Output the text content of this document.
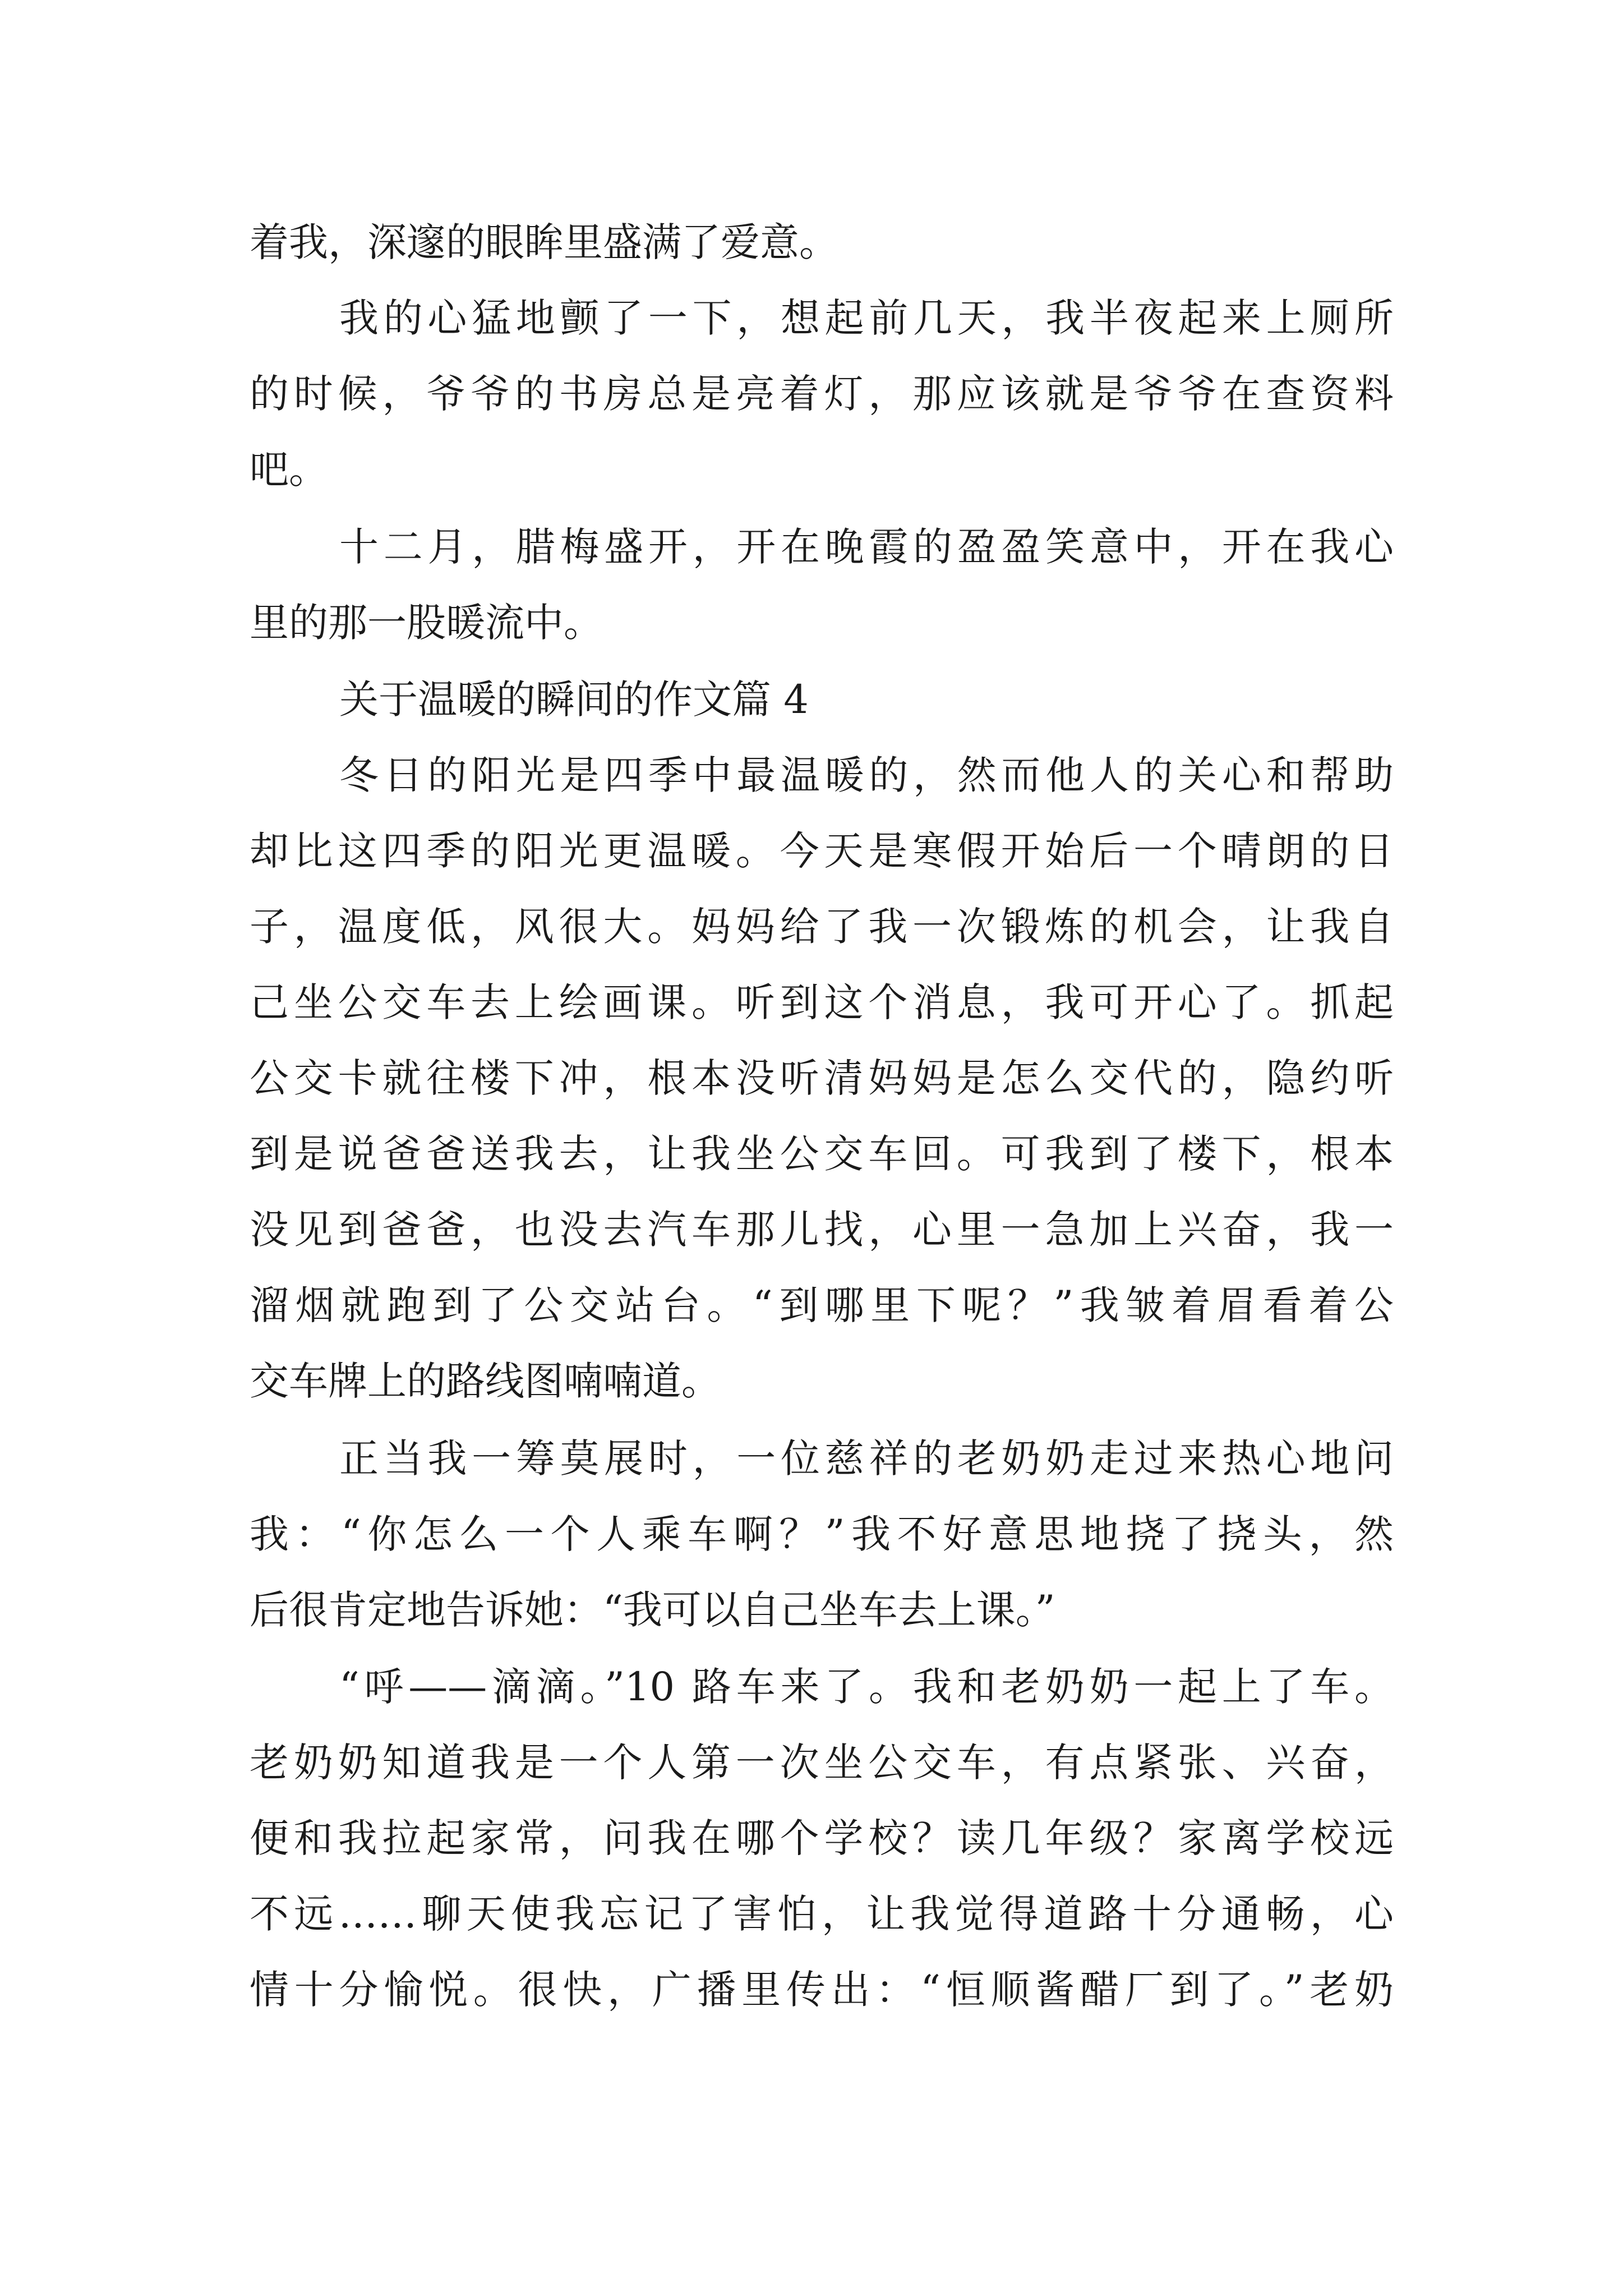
着我，深邃的眼眸里盛满了爱意。
我的心猛地颤了一下，想起前几天，我半夜起来上厕所
的时候，爷爷的书房总是亮着灯，那应该就是爷爷在查资料
吧。
十二月，腊梅盛开，开在晚霞的盈盈笑意中，开在我心
里的那一股暖流中。
关于温暖的瞬间的作文篇 4
冬日的阳光是四季中最温暖的，然而他人的关心和帮助
却比这四季的阳光更温暖。今天是寒假开始后一个晴朗的日
子，温度低，风很大。妈妈给了我一次锻炼的机会，让我自
己坐公交车去上绘画课。听到这个消息，我可开心了。抓起
公交卡就往楼下冲，根本没听清妈妈是怎么交代的，隐约听
到是说爸爸送我去，让我坐公交车回。可我到了楼下，根本
没见到爸爸，也没去汽车那儿找，心里一急加上兴奋，我一
溜烟就跑到了公交站台。“到哪里下呢？”我皱着眉看着公
交车牌上的路线图喃喃道。
正当我一筹莫展时，一位慈祥的老奶奶走过来热心地问
我：“你怎么一个人乘车啊？”我不好意思地挠了挠头，然
后很肯定地告诉她：“我可以自己坐车去上课。”
“呼——滴滴。”10 路车来了。我和老奶奶一起上了车。
老奶奶知道我是一个人第一次坐公交车，有点紧张、兴奋，
便和我拉起家常，问我在哪个学校？读几年级？家离学校远
不远……聊天使我忘记了害怕，让我觉得道路十分通畅，心
情十分愉悦。很快，广播里传出：“恒顺酱醋厂到了。”老奶
